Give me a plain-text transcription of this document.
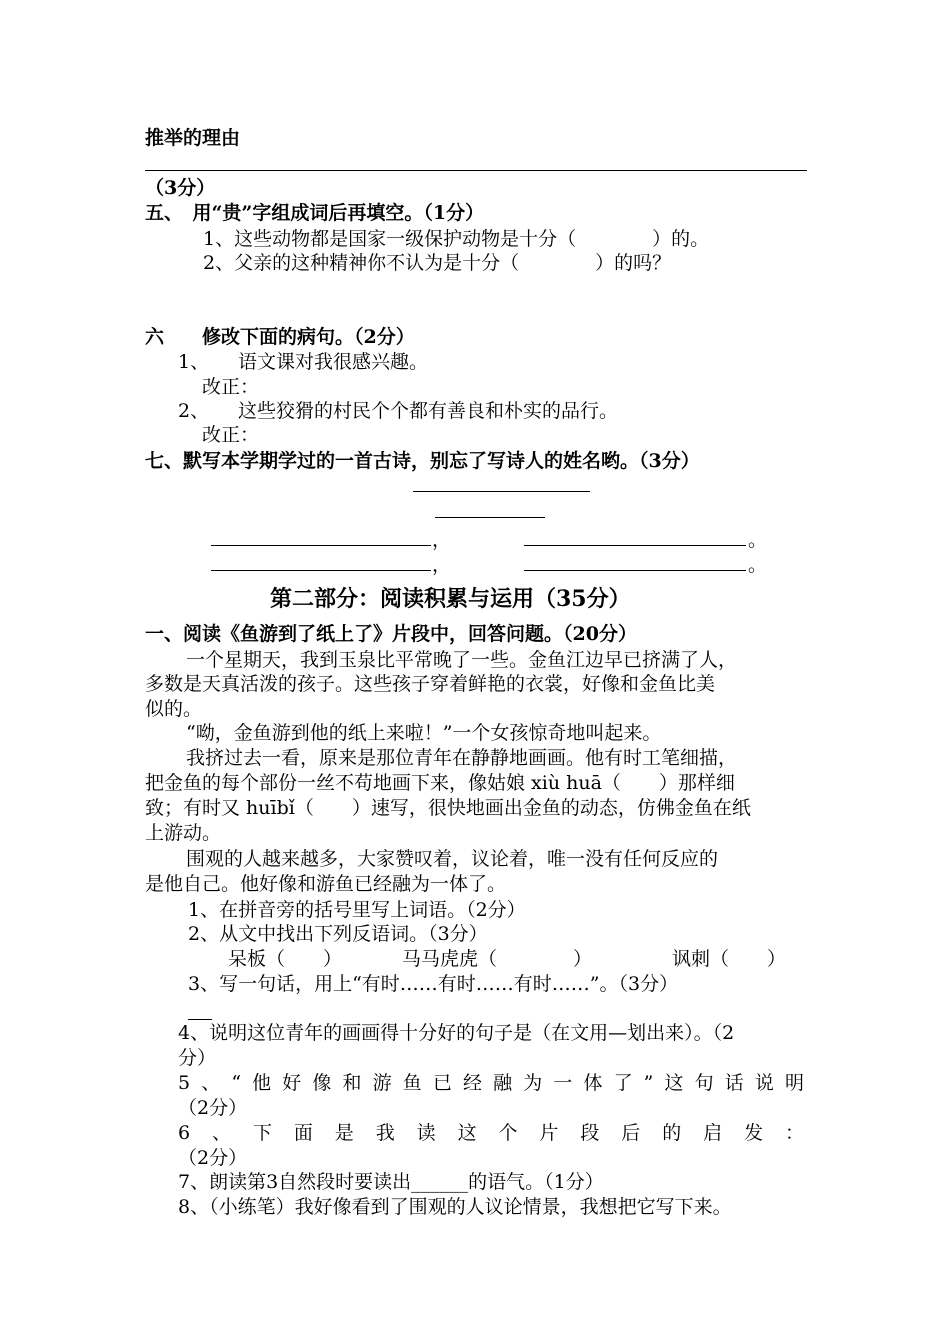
推举的理由
（3分）
五、　用“贵”字组成词后再填空。（1分）
1、这些动物都是国家一级保护动物是十分（　　　　）的。
2、父亲的这种精神你不认为是十分（　　　　）的吗？
六　　修改下面的病句。（2分）
1、 语文课对我很感兴趣。
改正：
2、 这些狡猾的村民个个都有善良和朴实的品行。
改正：
七、默写本学期学过的一首古诗，别忘了写诗人的姓名哟。（3分）
，	。
，	。
第二部分：阅读积累与运用（35分）
一、阅读《鱼游到了纸上了》片段中，回答问题。（20分）
一个星期天，我到玉泉比平常晚了一些。金鱼江边早已挤满了人，
多数是天真活泼的孩子。这些孩子穿着鲜艳的衣裳，好像和金鱼比美
似的。
“呦，金鱼游到他的纸上来啦！”一个女孩惊奇地叫起来。
我挤过去一看，原来是那位青年在静静地画画。他有时工笔细描，
把金鱼的每个部份一丝不苟地画下来，像姑娘 xiù huā（　　）那样细
致；有时又 huībǐ（　　）速写，很快地画出金鱼的动态，仿佛金鱼在纸
上游动。
围观的人越来越多，大家赞叹着，议论着，唯一没有任何反应的
是他自己。他好像和游鱼已经融为一体了。
1、在拼音旁的括号里写上词语。（2分）
2、从文中找出下列反语词。（3分）
呆板（　　）	马马虎虎（　　　　）	讽刺（　　）
3、写一句话，用上“有时……有时……有时……”。（3分）
4、说明这位青年的画画得十分好的句子是（在文用—划出来）。（2
分）
5、“他好像和游鱼已经融为一体了”这句话说明
（2分）
6、下面是我读这个片段后的启发：
（2分）
7、朗读第3自然段时要读出______的语气。（1分）
8、（小练笔）我好像看到了围观的人议论情景，我想把它写下来。
